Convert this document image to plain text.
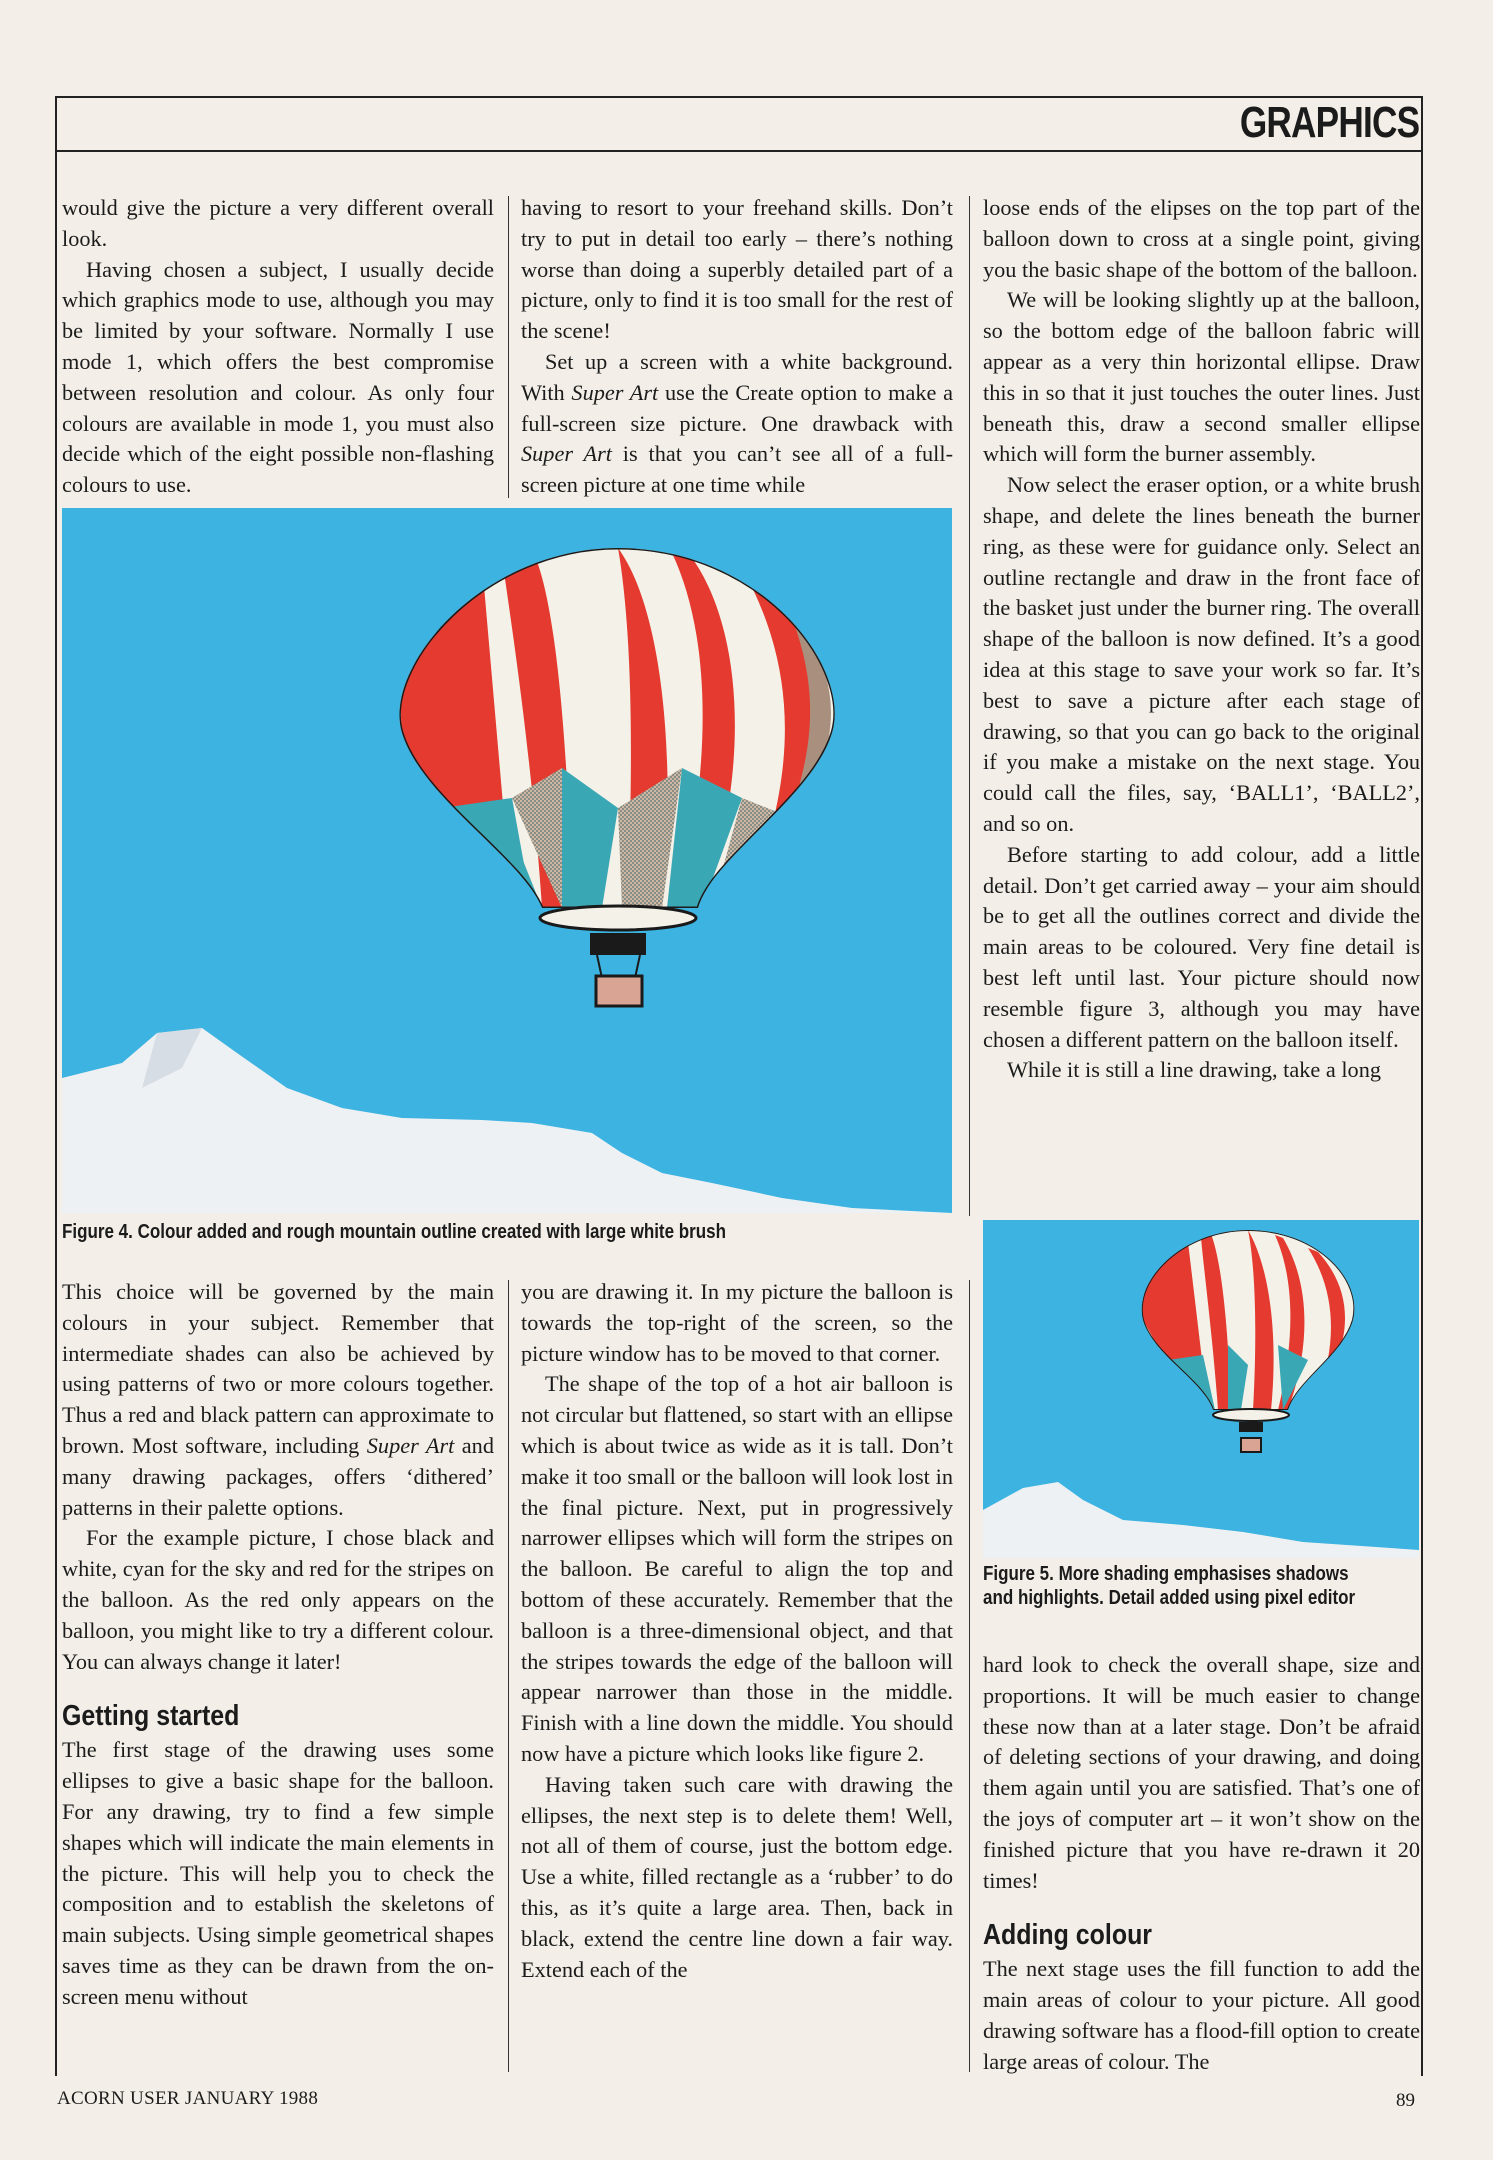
GRAPHICS

would give the picture a very different overall look.

Having chosen a subject, I usually decide which graphics mode to use, although you may be limited by your software. Normally I use mode 1, which offers the best compromise between resolution and colour. As only four colours are available in mode 1, you must also decide which of the eight possible non-flashing colours to use.

having to resort to your freehand skills. Don’t try to put in detail too early – there’s nothing worse than doing a superbly detailed part of a picture, only to find it is too small for the rest of the scene!

Set up a screen with a white background. With Super Art use the Create option to make a full-screen size picture. One drawback with Super Art is that you can’t see all of a full-screen picture at one time while

loose ends of the elipses on the top part of the balloon down to cross at a single point, giving you the basic shape of the bottom of the balloon.

We will be looking slightly up at the balloon, so the bottom edge of the balloon fabric will appear as a very thin horizontal ellipse. Draw this in so that it just touches the outer lines. Just beneath this, draw a second smaller ellipse which will form the burner assembly.

Now select the eraser option, or a white brush shape, and delete the lines beneath the burner ring, as these were for guidance only. Select an outline rectangle and draw in the front face of the basket just under the burner ring. The overall shape of the balloon is now defined. It’s a good idea at this stage to save your work so far. It’s best to save a picture after each stage of drawing, so that you can go back to the original if you make a mistake on the next stage. You could call the files, say, ‘BALL1’, ‘BALL2’, and so on.

Before starting to add colour, add a little detail. Don’t get carried away – your aim should be to get all the outlines correct and divide the main areas to be coloured. Very fine detail is best left until last. Your picture should now resemble figure 3, although you may have chosen a different pattern on the balloon itself.

While it is still a line drawing, take a long

Figure 4. Colour added and rough mountain outline created with large white brush

This choice will be governed by the main colours in your subject. Remember that intermediate shades can also be achieved by using patterns of two or more colours together. Thus a red and black pattern can approximate to brown. Most software, including Super Art and many drawing packages, offers ‘dithered’ patterns in their palette options.

For the example picture, I chose black and white, cyan for the sky and red for the stripes on the balloon. As the red only appears on the balloon, you might like to try a different colour. You can always change it later!

Getting started

The first stage of the drawing uses some ellipses to give a basic shape for the balloon. For any drawing, try to find a few simple shapes which will indicate the main elements in the picture. This will help you to check the composition and to establish the skeletons of main subjects. Using simple geometrical shapes saves time as they can be drawn from the on-screen menu without

you are drawing it. In my picture the balloon is towards the top-right of the screen, so the picture window has to be moved to that corner.

The shape of the top of a hot air balloon is not circular but flattened, so start with an ellipse which is about twice as wide as it is tall. Don’t make it too small or the balloon will look lost in the final picture. Next, put in progressively narrower ellipses which will form the stripes on the balloon. Be careful to align the top and bottom of these accurately. Remember that the balloon is a three-dimensional object, and that the stripes towards the edge of the balloon will appear narrower than those in the middle. Finish with a line down the middle. You should now have a picture which looks like figure 2.

Having taken such care with drawing the ellipses, the next step is to delete them! Well, not all of them of course, just the bottom edge. Use a white, filled rectangle as a ‘rubber’ to do this, as it’s quite a large area. Then, back in black, extend the centre line down a fair way. Extend each of the

Figure 5. More shading emphasises shadows
and highlights. Detail added using pixel editor

hard look to check the overall shape, size and proportions. It will be much easier to change these now than at a later stage. Don’t be afraid of deleting sections of your drawing, and doing them again until you are satisfied. That’s one of the joys of computer art – it won’t show on the finished picture that you have re-drawn it 20 times!

Adding colour

The next stage uses the fill function to add the main areas of colour to your picture. All good drawing software has a flood-fill option to create large areas of colour. The

ACORN USER JANUARY 1988	89
